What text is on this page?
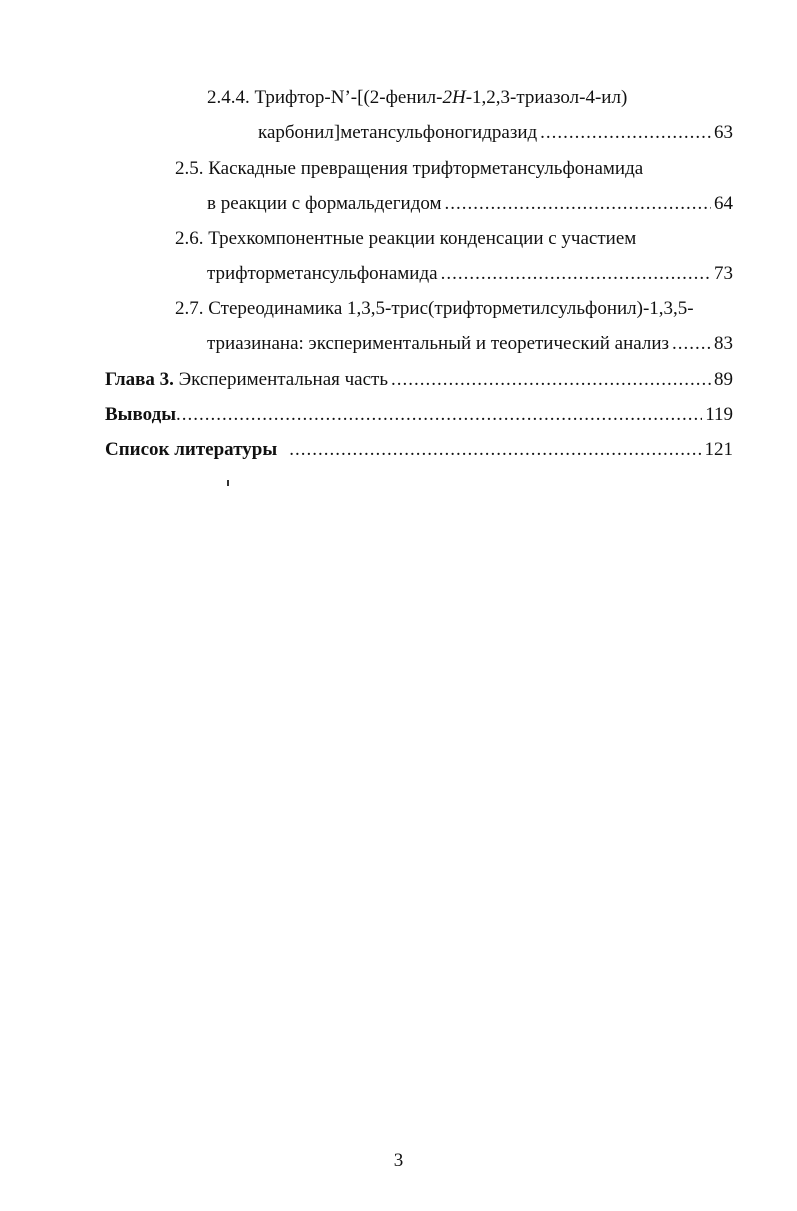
2.4.4. Трифтор-N’-[(2-фенил-2H-1,2,3-триазол-4-ил)
карбонил]метансульфоногидразид .....	63
2.5. Каскадные превращения трифторметансульфонамида
в реакции с формальдегидом .....	64
2.6. Трехкомпонентные реакции конденсации с участием
трифторметансульфонамида .....	73
2.7. Стереодинамика 1,3,5-трис(трифторметилсульфонил)-1,3,5-
триазинана: экспериментальный и теоретический анализ ..... 83
Глава 3. Экспериментальная часть .....	89
Выводы .....	119
Список литературы .....	121
3
